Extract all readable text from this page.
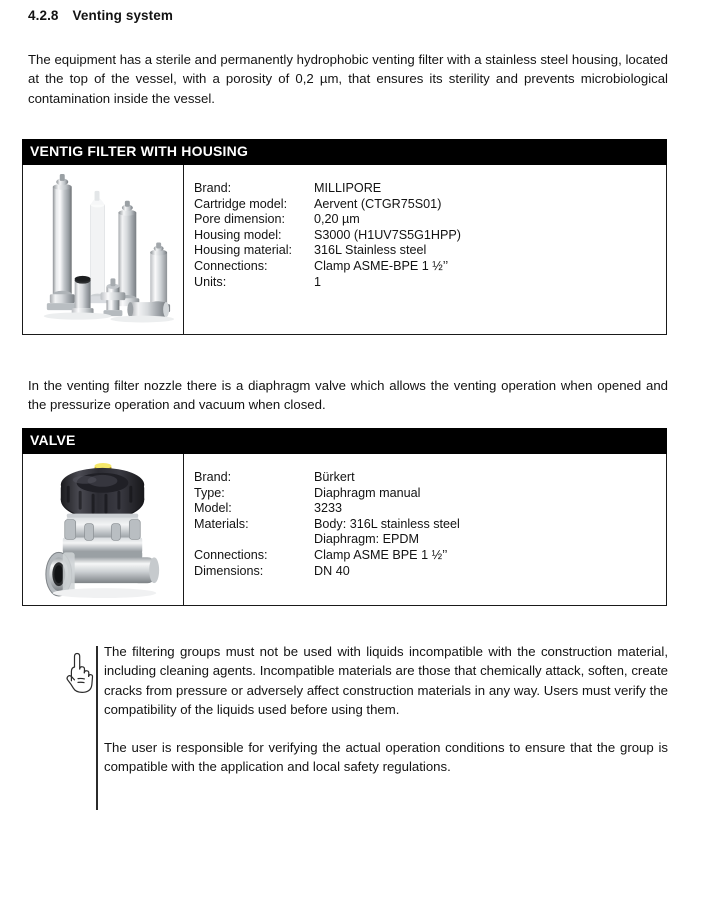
4.2.8 Venting system
The equipment has a sterile and permanently hydrophobic venting filter with a stainless steel housing, located at the top of the vessel, with a porosity of 0,2 µm, that ensures its sterility and prevents microbiological contamination inside the vessel.
VENTIG FILTER WITH HOUSING
Brand:	MILLIPORE
Cartridge model:	Aervent (CTGR75S01)
Pore dimension:	0,20 µm
Housing model:	S3000 (H1UV7S5G1HPP)
Housing material:	316L Stainless steel
Connections:	Clamp ASME-BPE 1 ½’’
Units:	1
In the venting filter nozzle there is a diaphragm valve which allows the venting operation when opened and the pressurize operation and vacuum when closed.
VALVE
Brand:	Bürkert
Type:	Diaphragm manual
Model:	3233
Materials:	Body: 316L stainless steel
Diaphragm: EPDM
Connections:	Clamp ASME BPE 1 ½’’
Dimensions:	DN 40

The filtering groups must not be used with liquids incompatible with the construction material, including cleaning agents. Incompatible materials are those that chemically attack, soften, create cracks from pressure or adversely affect construction materials in any way. Users must verify the compatibility of the liquids used before using them.

The user is responsible for verifying the actual operation conditions to ensure that the group is compatible with the application and local safety regulations.
